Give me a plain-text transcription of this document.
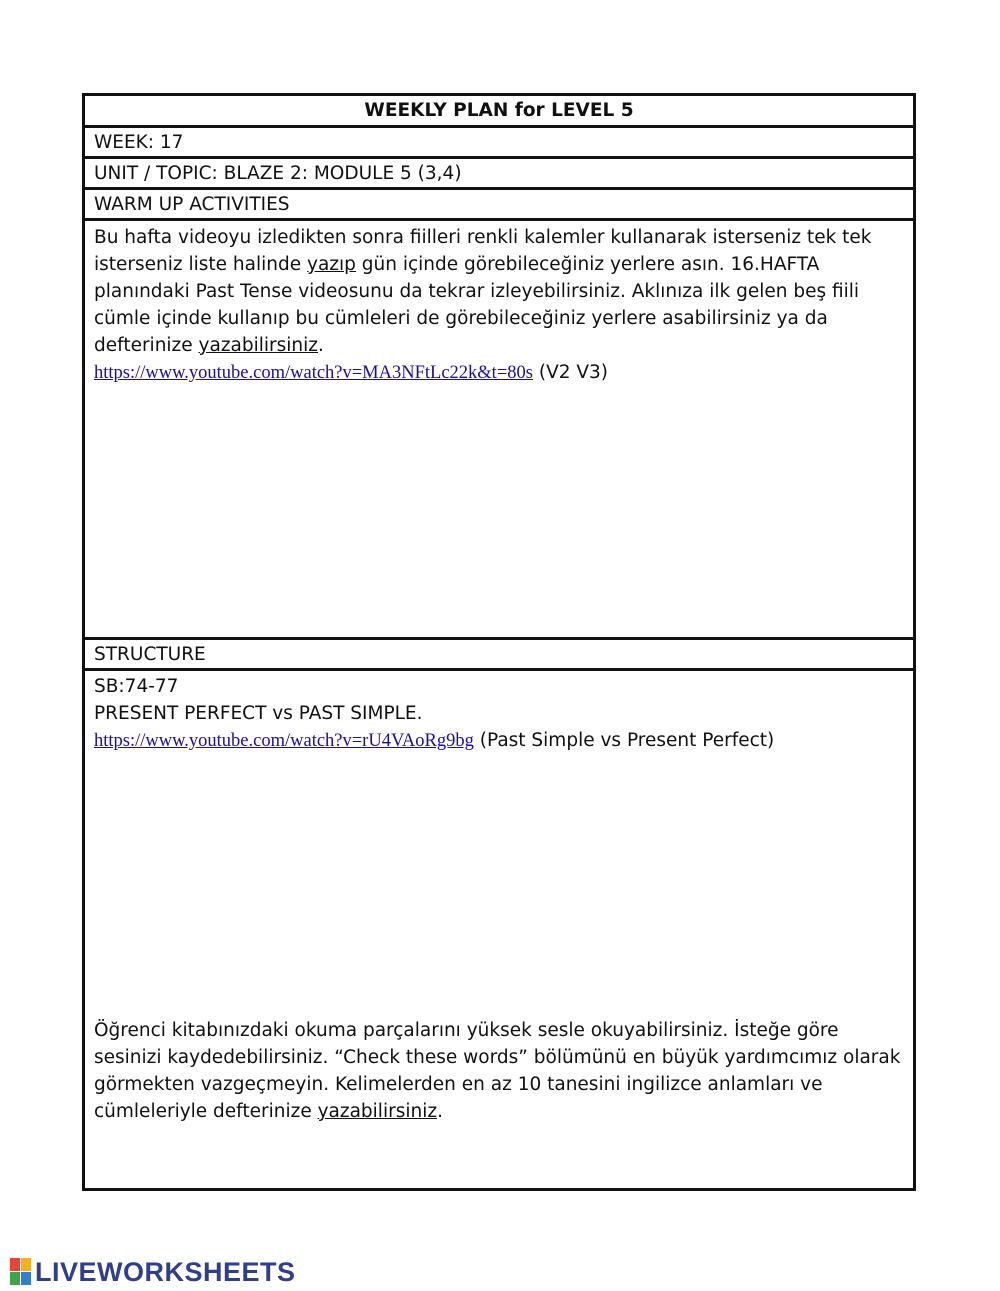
WEEKLY PLAN for LEVEL 5
WEEK: 17
UNIT / TOPIC: BLAZE 2: MODULE 5 (3,4)
WARM UP ACTIVITIES

Bu hafta videoyu izledikten sonra fiilleri renkli kalemler kullanarak isterseniz tek tek isterseniz liste halinde yazıp gün içinde görebileceğiniz yerlere asın. 16.HAFTA planındaki Past Tense videosunu da tekrar izleyebilirsiniz. Aklınıza ilk gelen beş fiili cümle içinde kullanıp bu cümleleri de görebileceğiniz yerlere asabilirsiniz ya da defterinize yazabilirsiniz.

https://www.youtube.com/watch?v=MA3NFtLc22k&t=80s (V2 V3)

STRUCTURE

SB:74-77

PRESENT PERFECT vs PAST SIMPLE.

https://www.youtube.com/watch?v=rU4VAoRg9bg (Past Simple vs Present Perfect)

Öğrenci kitabınızdaki okuma parçalarını yüksek sesle okuyabilirsiniz. İsteğe göre sesinizi kaydedebilirsiniz. “Check these words” bölümünü en büyük yardımcımız olarak görmekten vazgeçmeyin. Kelimelerden en az 10 tanesini ingilizce anlamları ve cümleleriyle defterinize yazabilirsiniz.

LIVEWORKSHEETS
